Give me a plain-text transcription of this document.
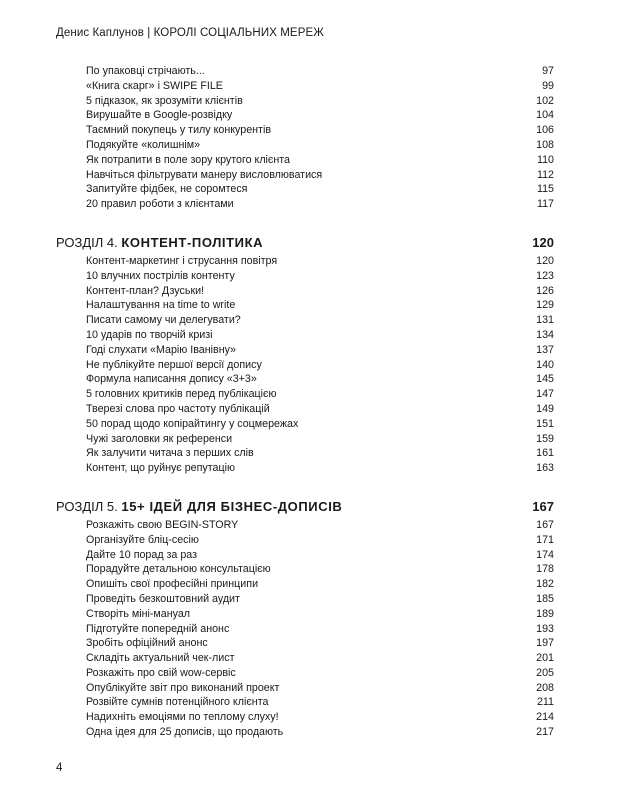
Денис Каплунов | КОРОЛІ СОЦІАЛЬНИХ МЕРЕЖ
По упаковці стрічають...	97
«Книга скарг» і SWIPE FILE	99
5 підказок, як зрозуміти клієнтів	102
Вирушайте в Google-розвідку	104
Таємний покупець у тилу конкурентів	106
Подякуйте «колишнім»	108
Як потрапити в поле зору крутого клієнта	110
Навчіться фільтрувати манеру висловлюватися	112
Запитуйте фідбек, не соромтеся	115
20 правил роботи з клієнтами	117
РОЗДІЛ 4. КОНТЕНТ-ПОЛІТИКА	120
Контент-маркетинг і струсання повітря	120
10 влучних пострілів контенту	123
Контент-план? Дзуськи!	126
Налаштування на time to write	129
Писати самому чи делегувати?	131
10 ударів по творчій кризі	134
Годі слухати «Марію Іванівну»	137
Не публікуйте першої версії допису	140
Формула написання допису «3+3»	145
5 головних критиків перед публікацією	147
Тверезі слова про частоту публікацій	149
50 порад щодо копірайтингу у соцмережах	151
Чужі заголовки як референси	159
Як залучити читача з перших слів	161
Контент, що руйнує репутацію	163
РОЗДІЛ 5. 15+ ІДЕЙ ДЛЯ БІЗНЕС-ДОПИСІВ	167
Розкажіть свою BEGIN-STORY	167
Організуйте бліц-сесію	171
Дайте 10 порад за раз	174
Порадуйте детальною консультацією	178
Опишіть свої професійні принципи	182
Проведіть безкоштовний аудит	185
Створіть міні-мануал	189
Підготуйте попередній анонс	193
Зробіть офіційний анонс	197
Складіть актуальний чек-лист	201
Розкажіть про свій wow-сервіс	205
Опублікуйте звіт про виконаний проект	208
Розвійте сумнів потенційного клієнта	211
Надихніть емоціями по теплому слуху!	214
Одна ідея для 25 дописів, що продають	217
4
